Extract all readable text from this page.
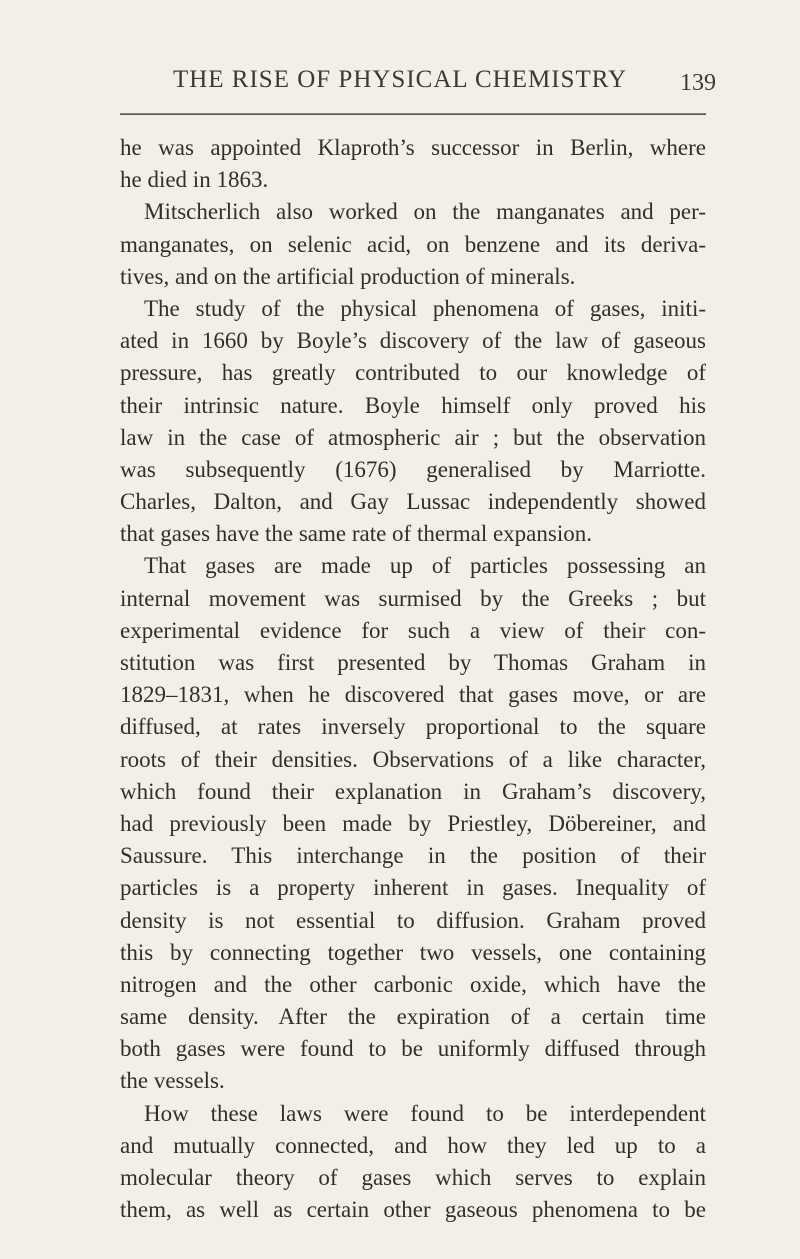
THE RISE OF PHYSICAL CHEMISTRY	139
he was appointed Klaproth’s successor in Berlin, where
he died in 1863.
Mitscherlich also worked on the manganates and per-
manganates, on selenic acid, on benzene and its deriva-
tives, and on the artificial production of minerals.
The study of the physical phenomena of gases, initi-
ated in 1660 by Boyle’s discovery of the law of gaseous
pressure, has greatly contributed to our knowledge of
their intrinsic nature. Boyle himself only proved his
law in the case of atmospheric air ; but the observation
was subsequently (1676) generalised by Marriotte.
Charles, Dalton, and Gay Lussac independently showed
that gases have the same rate of thermal expansion.
That gases are made up of particles possessing an
internal movement was surmised by the Greeks ; but
experimental evidence for such a view of their con-
stitution was first presented by Thomas Graham in
1829–1831, when he discovered that gases move, or are
diffused, at rates inversely proportional to the square
roots of their densities. Observations of a like character,
which found their explanation in Graham’s discovery,
had previously been made by Priestley, Döbereiner, and
Saussure. This interchange in the position of their
particles is a property inherent in gases. Inequality of
density is not essential to diffusion. Graham proved
this by connecting together two vessels, one containing
nitrogen and the other carbonic oxide, which have the
same density. After the expiration of a certain time
both gases were found to be uniformly diffused through
the vessels.
How these laws were found to be interdependent
and mutually connected, and how they led up to a
molecular theory of gases which serves to explain
them, as well as certain other gaseous phenomena to be
